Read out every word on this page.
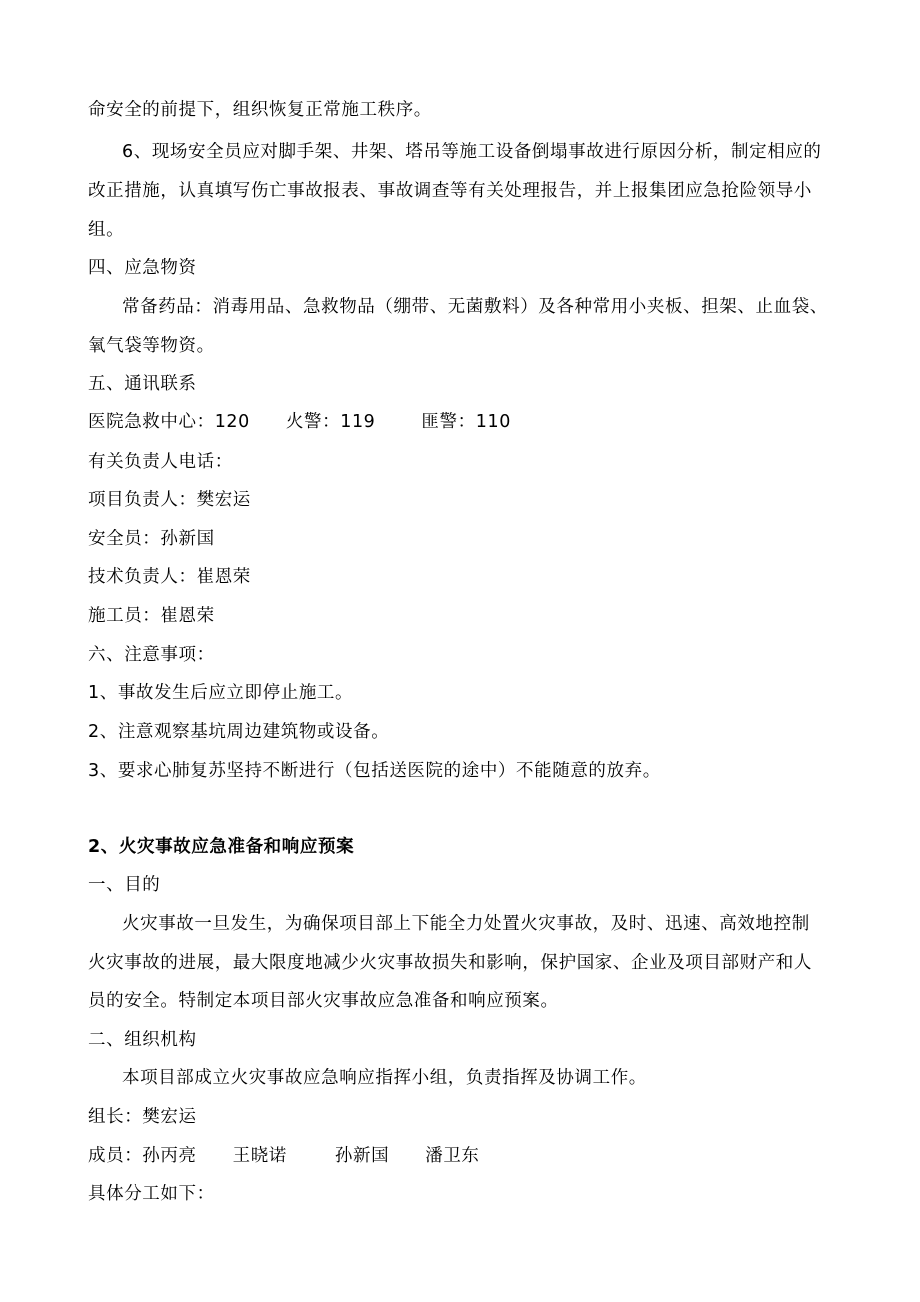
命安全的前提下，组织恢复正常施工秩序。
6、现场安全员应对脚手架、井架、塔吊等施工设备倒塌事故进行原因分析，制定相应的
改正措施，认真填写伤亡事故报表、事故调查等有关处理报告，并上报集团应急抢险领导小
组。
四、应急物资
常备药品：消毒用品、急救物品（绷带、无菌敷料）及各种常用小夹板、担架、止血袋、
氧气袋等物资。
五、通讯联系
医院急救中心：120 火警：119	匪警：110
有关负责人电话：
项目负责人：樊宏运
安全员：孙新国
技术负责人：崔恩荣
施工员：崔恩荣
六、注意事项：
1、事故发生后应立即停止施工。
2、注意观察基坑周边建筑物或设备。
3、要求心肺复苏坚持不断进行（包括送医院的途中）不能随意的放弃。
2、火灾事故应急准备和响应预案
一、目的
火灾事故一旦发生，为确保项目部上下能全力处置火灾事故，及时、迅速、高效地控制
火灾事故的进展，最大限度地减少火灾事故损失和影响，保护国家、企业及项目部财产和人
员的安全。特制定本项目部火灾事故应急准备和响应预案。
二、组织机构
本项目部成立火灾事故应急响应指挥小组，负责指挥及协调工作。
组长：樊宏运
成员：孙丙亮 王晓诺	孙新国 潘卫东
具体分工如下：
